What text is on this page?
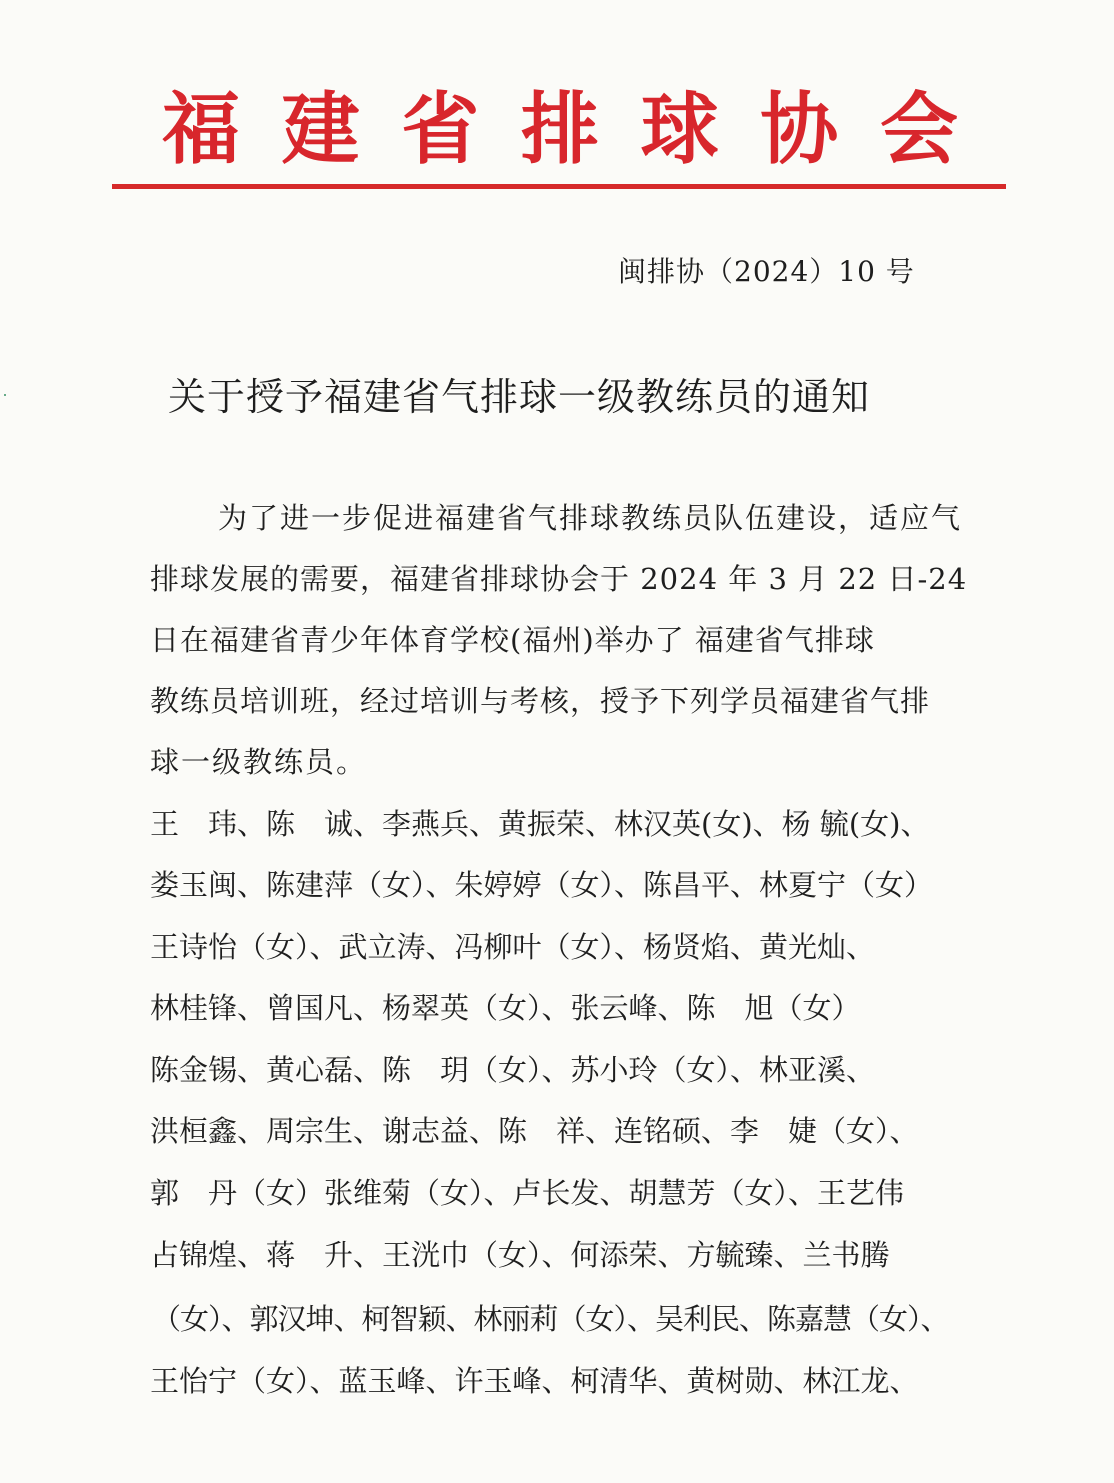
福 建 省 排 球 协 会
闽排协（2024）10 号
关于授予福建省气排球一级教练员的通知
为了进一步促进福建省气排球教练员队伍建设，适应气
排球发展的需要，福建省排球协会于 2024 年 3 月 22 日-24
日在福建省青少年体育学校(福州)举办了 福建省气排球
教练员培训班，经过培训与考核，授予下列学员福建省气排
球一级教练员。
王　玮、陈　诚、李燕兵、黄振荣、林汉英(女)、杨 毓(女)、
娄玉闽、陈建萍（女）、朱婷婷（女）、陈昌平、林夏宁（女）
王诗怡（女）、武立涛、冯柳叶（女）、杨贤焰、黄光灿、
林桂锋、曾国凡、杨翠英（女）、张云峰、陈　旭（女）
陈金锡、黄心磊、陈　玥（女）、苏小玲（女）、林亚溪、
洪桓鑫、周宗生、谢志益、陈　祥、连铭硕、李　婕（女）、
郭　丹（女）张维菊（女）、卢长发、胡慧芳（女）、王艺伟
占锦煌、蒋　升、王洸巾（女）、何添荣、方毓臻、兰书腾
（女）、郭汉坤、柯智颖、林丽莉（女）、吴利民、陈嘉慧（女）、
王怡宁（女）、蓝玉峰、许玉峰、柯清华、黄树勋、林江龙、
